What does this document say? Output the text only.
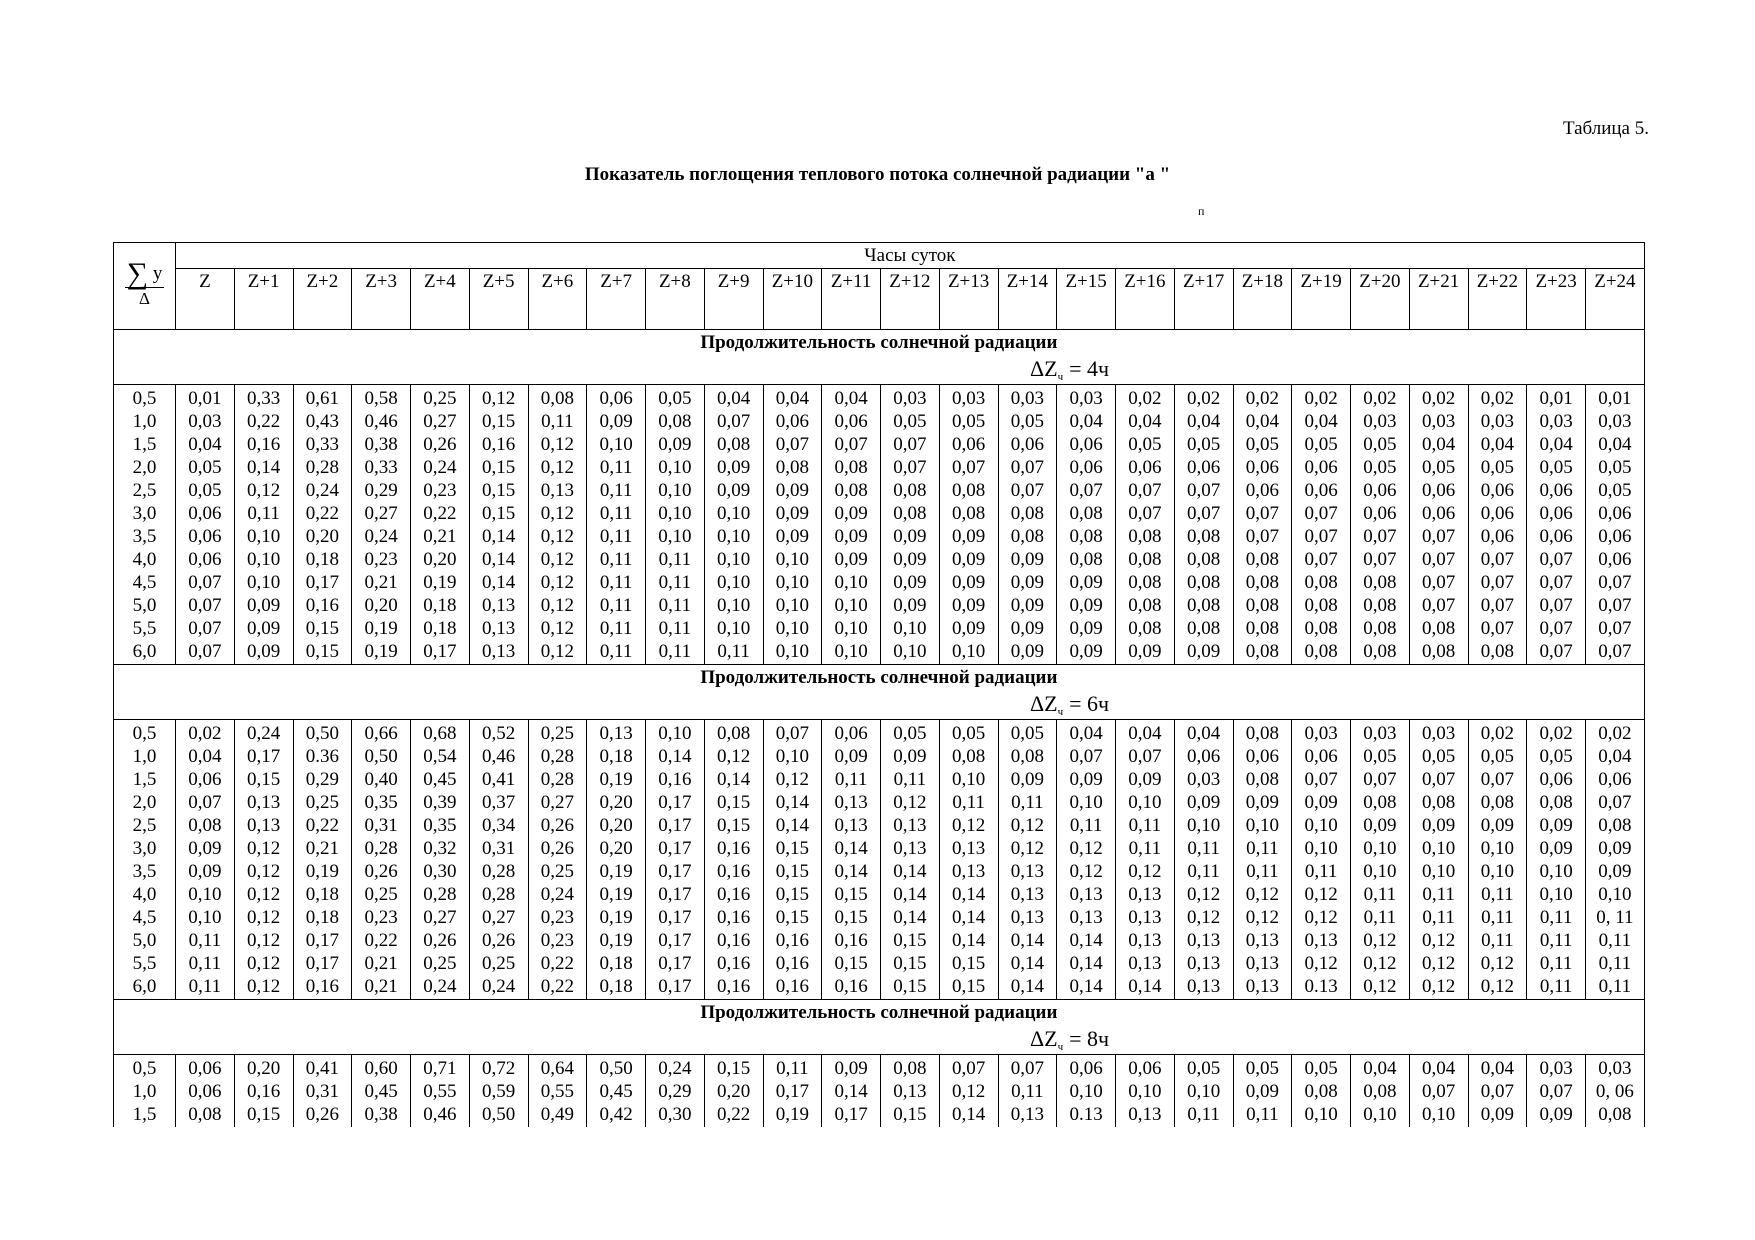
Таблица 5.
Показатель поглощения теплового потока солнечной радиации "а "
п
$\frac{\sum y}{\Delta}$	Часы суток																								
	Z	Z+1	Z+2	Z+3	Z+4	Z+5	Z+6	Z+7	Z+8	Z+9	Z+10	Z+11	Z+12	Z+13	Z+14	Z+15	Z+16	Z+17	Z+18	Z+19	Z+20	Z+21	Z+22	Z+23	Z+24

Продолжительность солнечной радиации
$\Delta Z_ч = 4ч$																									

0,5	0,01	0,33	0,61	0,58	0,25	0,12	0,08	0,06	0,05	0,04	0,04	0,04	0,03	0,03	0,03	0,03	0,02	0,02	0,02	0,02	0,02	0,02	0,02	0,01	0,01
1,0	0,03	0,22	0,43	0,46	0,27	0,15	0,11	0,09	0,08	0,07	0,06	0,06	0,05	0,05	0,05	0,04	0,04	0,04	0,04	0,04	0,03	0,03	0,03	0,03	0,03
1,5	0,04	0,16	0,33	0,38	0,26	0,16	0,12	0,10	0,09	0,08	0,07	0,07	0,07	0,06	0,06	0,06	0,05	0,05	0,05	0,05	0,05	0,04	0,04	0,04	0,04
2,0	0,05	0,14	0,28	0,33	0,24	0,15	0,12	0,11	0,10	0,09	0,08	0,08	0,07	0,07	0,07	0,06	0,06	0,06	0,06	0,06	0,05	0,05	0,05	0,05	0,05
2,5	0,05	0,12	0,24	0,29	0,23	0,15	0,13	0,11	0,10	0,09	0,09	0,08	0,08	0,08	0,07	0,07	0,07	0,07	0,06	0,06	0,06	0,06	0,06	0,06	0,05
3,0	0,06	0,11	0,22	0,27	0,22	0,15	0,12	0,11	0,10	0,10	0,09	0,09	0,08	0,08	0,08	0,08	0,07	0,07	0,07	0,07	0,06	0,06	0,06	0,06	0,06
3,5	0,06	0,10	0,20	0,24	0,21	0,14	0,12	0,11	0,10	0,10	0,09	0,09	0,09	0,09	0,08	0,08	0,08	0,08	0,07	0,07	0,07	0,07	0,06	0,06	0,06
4,0	0,06	0,10	0,18	0,23	0,20	0,14	0,12	0,11	0,11	0,10	0,10	0,09	0,09	0,09	0,09	0,08	0,08	0,08	0,08	0,07	0,07	0,07	0,07	0,07	0,06
4,5	0,07	0,10	0,17	0,21	0,19	0,14	0,12	0,11	0,11	0,10	0,10	0,10	0,09	0,09	0,09	0,09	0,08	0,08	0,08	0,08	0,08	0,07	0,07	0,07	0,07
5,0	0,07	0,09	0,16	0,20	0,18	0,13	0,12	0,11	0,11	0,10	0,10	0,10	0,09	0,09	0,09	0,09	0,08	0,08	0,08	0,08	0,08	0,07	0,07	0,07	0,07
5,5	0,07	0,09	0,15	0,19	0,18	0,13	0,12	0,11	0,11	0,10	0,10	0,10	0,10	0,09	0,09	0,09	0,08	0,08	0,08	0,08	0,08	0,08	0,07	0,07	0,07
6,0	0,07	0,09	0,15	0,19	0,17	0,13	0,12	0,11	0,11	0,11	0,10	0,10	0,10	0,10	0,09	0,09	0,09	0,09	0,08	0,08	0,08	0,08	0,08	0,07	0,07

Продолжительность солнечной радиации
$\Delta Z_ч = 6ч$																									

0,5	0,02	0,24	0,50	0,66	0,68	0,52	0,25	0,13	0,10	0,08	0,07	0,06	0,05	0,05	0,05	0,04	0,04	0,04	0,08	0,03	0,03	0,03	0,02	0,02	0,02
1,0	0,04	0,17	0.36	0,50	0,54	0,46	0,28	0,18	0,14	0,12	0,10	0,09	0,09	0,08	0,08	0,07	0,07	0,06	0,06	0,06	0,05	0,05	0,05	0,05	0,04
1,5	0,06	0,15	0,29	0,40	0,45	0,41	0,28	0,19	0,16	0,14	0,12	0,11	0,11	0,10	0,09	0,09	0,09	0,03	0,08	0,07	0,07	0,07	0,07	0,06	0,06
2,0	0,07	0,13	0,25	0,35	0,39	0,37	0,27	0,20	0,17	0,15	0,14	0,13	0,12	0,11	0,11	0,10	0,10	0,09	0,09	0,09	0,08	0,08	0,08	0,08	0,07
2,5	0,08	0,13	0,22	0,31	0,35	0,34	0,26	0,20	0,17	0,15	0,14	0,13	0,13	0,12	0,12	0,11	0,11	0,10	0,10	0,10	0,09	0,09	0,09	0,09	0,08
3,0	0,09	0,12	0,21	0,28	0,32	0,31	0,26	0,20	0,17	0,16	0,15	0,14	0,13	0,13	0,12	0,12	0,11	0,11	0,11	0,10	0,10	0,10	0,10	0,09	0,09
3,5	0,09	0,12	0,19	0,26	0,30	0,28	0,25	0,19	0,17	0,16	0,15	0,14	0,14	0,13	0,13	0,12	0,12	0,11	0,11	0,11	0,10	0,10	0,10	0,10	0,09
4,0	0,10	0,12	0,18	0,25	0,28	0,28	0,24	0,19	0,17	0,16	0,15	0,15	0,14	0,14	0,13	0,13	0,13	0,12	0,12	0,12	0,11	0,11	0,11	0,10	0,10
4,5	0,10	0,12	0,18	0,23	0,27	0,27	0,23	0,19	0,17	0,16	0,15	0,15	0,14	0,14	0,13	0,13	0,13	0,12	0,12	0,12	0,11	0,11	0,11	0,11	0, 11
5,0	0,11	0,12	0,17	0,22	0,26	0,26	0,23	0,19	0,17	0,16	0,16	0,16	0,15	0,14	0,14	0,14	0,13	0,13	0,13	0,13	0,12	0,12	0,11	0,11	0,11
5,5	0,11	0,12	0,17	0,21	0,25	0,25	0,22	0,18	0,17	0,16	0,16	0,15	0,15	0,15	0,14	0,14	0,13	0,13	0,13	0,12	0,12	0,12	0,12	0,11	0,11
6,0	0,11	0,12	0,16	0,21	0,24	0,24	0,22	0,18	0,17	0,16	0,16	0,16	0,15	0,15	0,14	0,14	0,14	0,13	0,13	0.13	0,12	0,12	0,12	0,11	0,11

Продолжительность солнечной радиации
$\Delta Z_ч = 8ч$																									

0,5	0,06	0,20	0,41	0,60	0,71	0,72	0,64	0,50	0,24	0,15	0,11	0,09	0,08	0,07	0,07	0,06	0,06	0,05	0,05	0,05	0,04	0,04	0,04	0,03	0,03
1,0	0,06	0,16	0,31	0,45	0,55	0,59	0,55	0,45	0,29	0,20	0,17	0,14	0,13	0,12	0,11	0,10	0,10	0,10	0,09	0,08	0,08	0,07	0,07	0,07	0, 06
1,5	0,08	0,15	0,26	0,38	0,46	0,50	0,49	0,42	0,30	0,22	0,19	0,17	0,15	0,14	0,13	0.13	0,13	0,11	0,11	0,10	0,10	0,10	0,09	0,09	0,08
